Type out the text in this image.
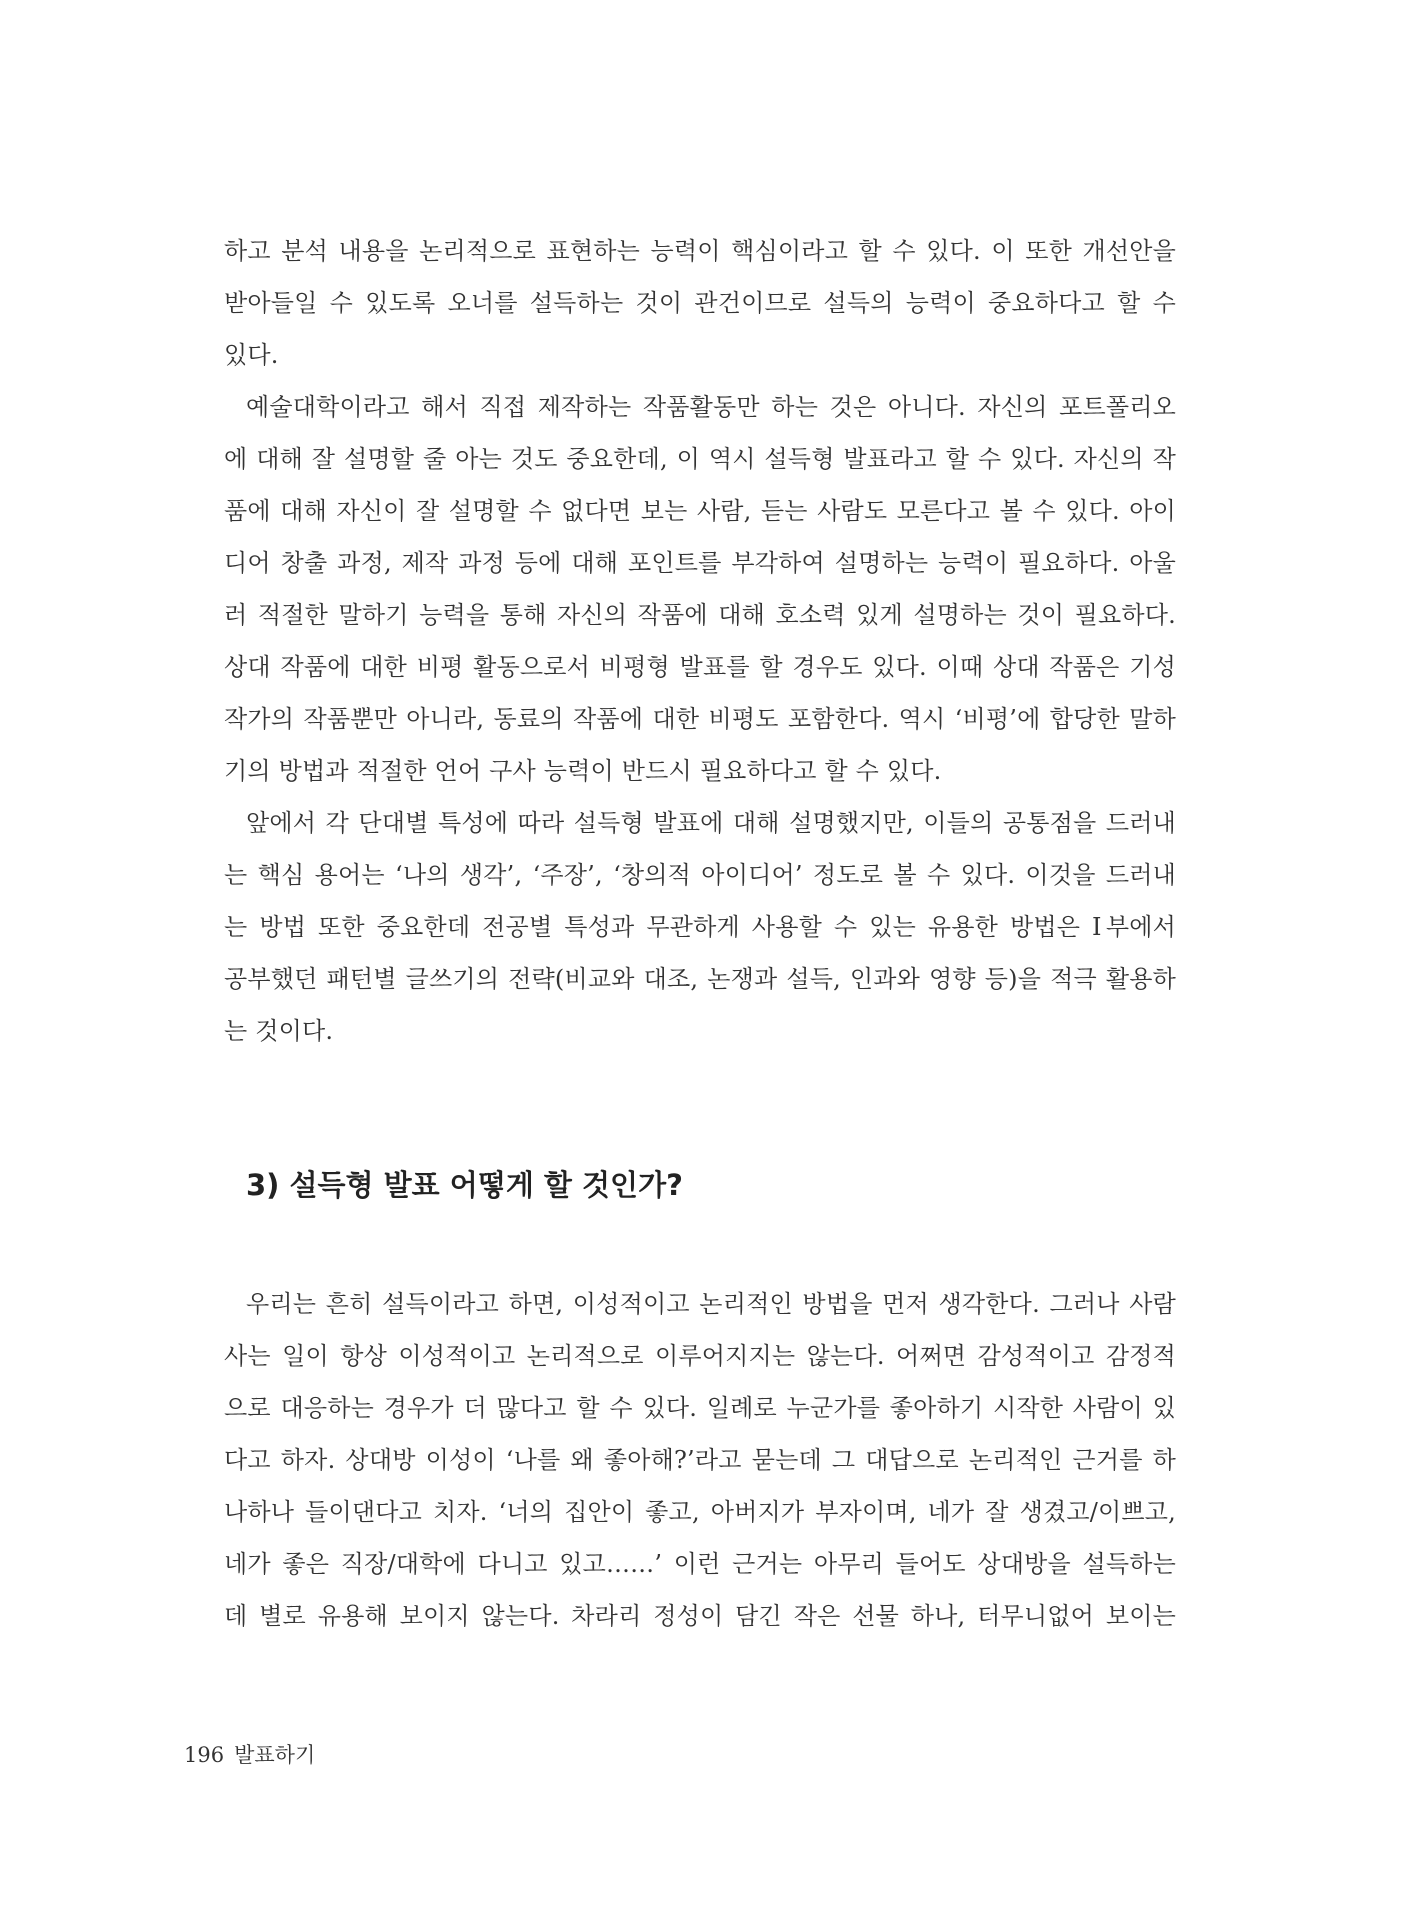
하고 분석 내용을 논리적으로 표현하는 능력이 핵심이라고 할 수 있다. 이 또한 개선안을
받아들일 수 있도록 오너를 설득하는 것이 관건이므로 설득의 능력이 중요하다고 할 수
있다.
예술대학이라고 해서 직접 제작하는 작품활동만 하는 것은 아니다. 자신의 포트폴리오
에 대해 잘 설명할 줄 아는 것도 중요한데, 이 역시 설득형 발표라고 할 수 있다. 자신의 작
품에 대해 자신이 잘 설명할 수 없다면 보는 사람, 듣는 사람도 모른다고 볼 수 있다. 아이
디어 창출 과정, 제작 과정 등에 대해 포인트를 부각하여 설명하는 능력이 필요하다. 아울
러 적절한 말하기 능력을 통해 자신의 작품에 대해 호소력 있게 설명하는 것이 필요하다.
상대 작품에 대한 비평 활동으로서 비평형 발표를 할 경우도 있다. 이때 상대 작품은 기성
작가의 작품뿐만 아니라, 동료의 작품에 대한 비평도 포함한다. 역시 ‘비평’에 합당한 말하
기의 방법과 적절한 언어 구사 능력이 반드시 필요하다고 할 수 있다.
앞에서 각 단대별 특성에 따라 설득형 발표에 대해 설명했지만, 이들의 공통점을 드러내
는 핵심 용어는 ‘나의 생각’, ‘주장’, ‘창의적 아이디어’ 정도로 볼 수 있다. 이것을 드러내
는 방법 또한 중요한데 전공별 특성과 무관하게 사용할 수 있는 유용한 방법은 Ⅰ부에서
공부했던 패턴별 글쓰기의 전략(비교와 대조, 논쟁과 설득, 인과와 영향 등)을 적극 활용하
는 것이다.
3) 설득형 발표 어떻게 할 것인가?
우리는 흔히 설득이라고 하면, 이성적이고 논리적인 방법을 먼저 생각한다. 그러나 사람
사는 일이 항상 이성적이고 논리적으로 이루어지지는 않는다. 어쩌면 감성적이고 감정적
으로 대응하는 경우가 더 많다고 할 수 있다. 일례로 누군가를 좋아하기 시작한 사람이 있
다고 하자. 상대방 이성이 ‘나를 왜 좋아해?’라고 묻는데 그 대답으로 논리적인 근거를 하
나하나 들이댄다고 치자. ‘너의 집안이 좋고, 아버지가 부자이며, 네가 잘 생겼고/이쁘고,
네가 좋은 직장/대학에 다니고 있고……’ 이런 근거는 아무리 들어도 상대방을 설득하는
데 별로 유용해 보이지 않는다. 차라리 정성이 담긴 작은 선물 하나, 터무니없어 보이는
196 발표하기
